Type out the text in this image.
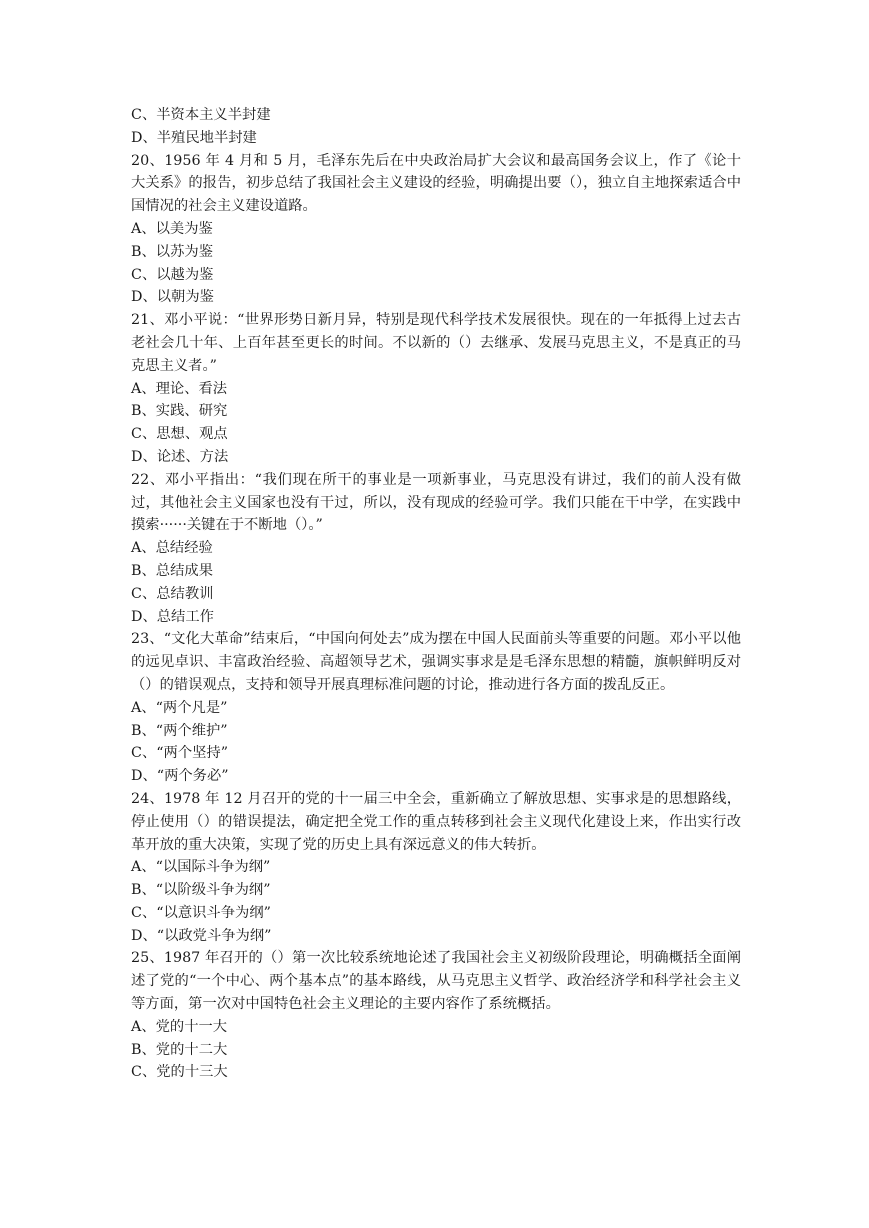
C、半资本主义半封建

D、半殖民地半封建

20、1956 年 4 月和 5 月，毛泽东先后在中央政治局扩大会议和最高国务会议上，作了《论十大关系》的报告，初步总结了我国社会主义建设的经验，明确提出要（），独立自主地探索适合中国情况的社会主义建设道路。

A、以美为鉴

B、以苏为鉴

C、以越为鉴

D、以朝为鉴

21、邓小平说：“世界形势日新月异，特别是现代科学技术发展很快。现在的一年抵得上过去古老社会几十年、上百年甚至更长的时间。不以新的（）去继承、发展马克思主义，不是真正的马克思主义者。”

A、理论、看法

B、实践、研究

C、思想、观点

D、论述、方法

22、邓小平指出：“我们现在所干的事业是一项新事业，马克思没有讲过，我们的前人没有做过，其他社会主义国家也没有干过，所以，没有现成的经验可学。我们只能在干中学，在实践中摸索······关键在于不断地（）。”

A、总结经验

B、总结成果

C、总结教训

D、总结工作

23、“文化大革命”结束后，“中国向何处去”成为摆在中国人民面前头等重要的问题。邓小平以他的远见卓识、丰富政治经验、高超领导艺术，强调实事求是是毛泽东思想的精髓，旗帜鲜明反对（）的错误观点，支持和领导开展真理标准问题的讨论，推动进行各方面的拨乱反正。

A、“两个凡是”

B、“两个维护”

C、“两个坚持”

D、“两个务必”

24、1978 年 12 月召开的党的十一届三中全会，重新确立了解放思想、实事求是的思想路线，停止使用（）的错误提法，确定把全党工作的重点转移到社会主义现代化建设上来，作出实行改革开放的重大决策，实现了党的历史上具有深远意义的伟大转折。

A、“以国际斗争为纲”

B、“以阶级斗争为纲”

C、“以意识斗争为纲”

D、“以政党斗争为纲”

25、1987 年召开的（）第一次比较系统地论述了我国社会主义初级阶段理论，明确概括全面阐述了党的“一个中心、两个基本点”的基本路线，从马克思主义哲学、政治经济学和科学社会主义等方面，第一次对中国特色社会主义理论的主要内容作了系统概括。

A、党的十一大

B、党的十二大

C、党的十三大
